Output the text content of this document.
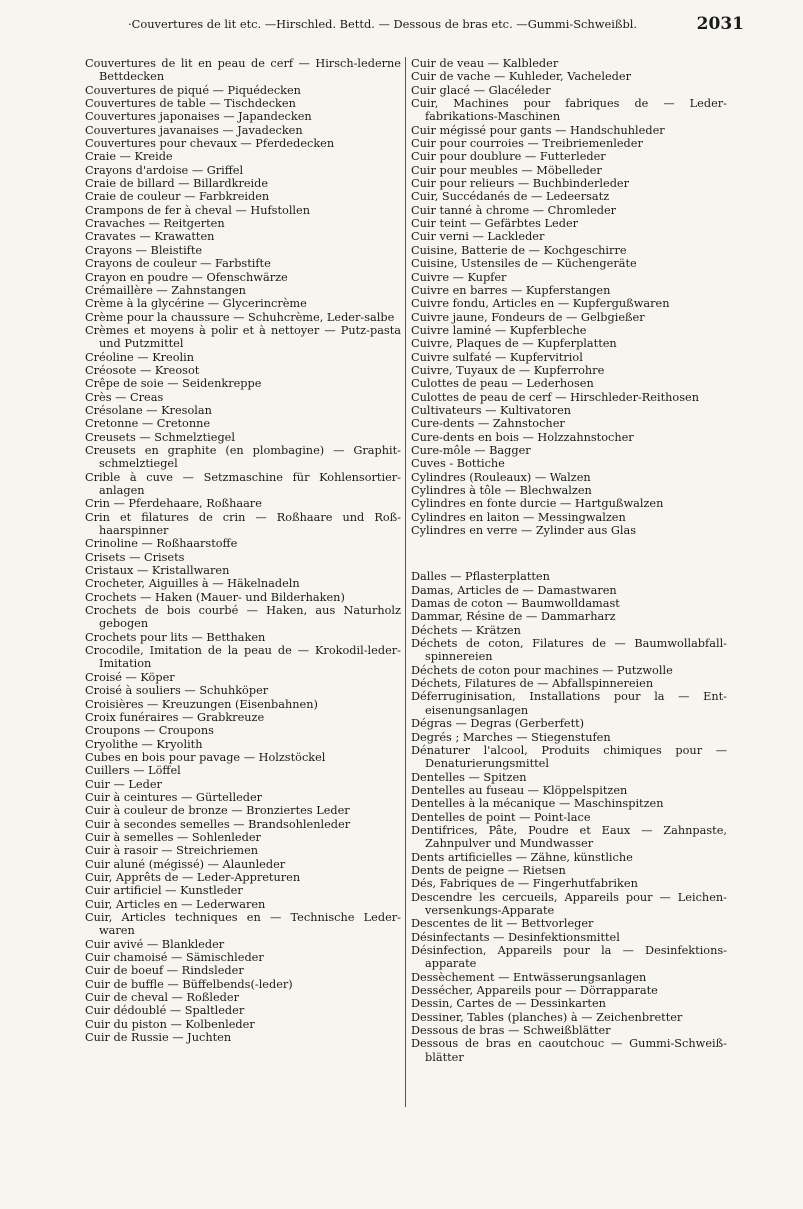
·Couvertures de lit etc. —Hirschled. Bettd. — Dessous de bras etc. —Gummi-Schweißbl.	2031

Couvertures de lit en peau de cerf — Hirsch-lederne Bettdecken

Couvertures de piqué — Piquédecken

Couvertures de table — Tischdecken

Couvertures japonaises — Japandecken

Couvertures javanaises — Javadecken

Couvertures pour chevaux — Pferdedecken

Craie — Kreide

Crayons d'ardoise — Griffel

Craie de billard — Billardkreide

Craie de couleur — Farbkreiden

Crampons de fer à cheval — Hufstollen

Cravaches — Reitgerten

Cravates — Krawatten

Crayons — Bleistifte

Crayons de couleur — Farbstifte

Crayon en poudre — Ofenschwärze

Crémaillère — Zahnstangen

Crème à la glycérine — Glycerincrème

Crème pour la chaussure — Schuhcrème, Leder-salbe

Crèmes et moyens à polir et à nettoyer — Putz-pasta und Putzmittel

Créoline — Kreolin

Créosote — Kreosot

Crêpe de soie — Seidenkreppe

Crès — Creas

Crésolane — Kresolan

Cretonne — Cretonne

Creusets — Schmelztiegel

Creusets en graphite (en plombagine) — Graphit-schmelztiegel

Crible à cuve — Setzmaschine für Kohlensortier-anlagen

Crin — Pferdehaare, Roßhaare

Crin et filatures de crin — Roßhaare und Roß-haarspinner

Crinoline — Roßhaarstoffe

Crisets — Crisets

Cristaux — Kristallwaren

Crocheter, Aiguilles à — Häkelnadeln

Crochets — Haken (Mauer- und Bilderhaken)

Crochets de bois courbé — Haken, aus Naturholz gebogen

Crochets pour lits — Betthaken

Crocodile, Imitation de la peau de — Krokodil-leder-Imitation

Croisé — Köper

Croisé à souliers — Schuhköper

Croisières — Kreuzungen (Eisenbahnen)

Croix funéraires — Grabkreuze

Croupons — Croupons

Cryolithe — Kryolith

Cubes en bois pour pavage — Holzstöckel

Cuillers — Löffel

Cuir — Leder

Cuir à ceintures — Gürtelleder

Cuir à couleur de bronze — Bronziertes Leder

Cuir à secondes semelles — Brandsohlenleder

Cuir à semelles — Sohlenleder

Cuir à rasoir — Streichriemen

Cuir aluné (mégissé) — Alaunleder

Cuir, Apprêts de — Leder-Appreturen

Cuir artificiel — Kunstleder

Cuir, Articles en — Lederwaren

Cuir, Articles techniques en — Technische Leder-waren

Cuir avivé — Blankleder

Cuir chamoisé — Sämischleder

Cuir de boeuf — Rindsleder

Cuir de buffle — Büffelbends(-leder)

Cuir de cheval — Roßleder

Cuir dédoublé — Spaltleder

Cuir du piston — Kolbenleder

Cuir de Russie — Juchten

Cuir de veau — Kalbleder

Cuir de vache — Kuhleder, Vacheleder

Cuir glacé — Glacéleder

Cuir, Machines pour fabriques de — Leder-fabrikations-Maschinen

Cuir mégissé pour gants — Handschuhleder

Cuir pour courroies — Treibriemenleder

Cuir pour doublure — Futterleder

Cuir pour meubles — Möbelleder

Cuir pour relieurs — Buchbinderleder

Cuir, Succédanés de — Ledeersatz

Cuir tanné à chrome — Chromleder

Cuir teint — Gefärbtes Leder

Cuir verni — Lackleder

Cuisine, Batterie de — Kochgeschirre

Cuisine, Ustensiles de — Küchengeräte

Cuivre — Kupfer

Cuivre en barres — Kupferstangen

Cuivre fondu, Articles en — Kupfergußwaren

Cuivre jaune, Fondeurs de — Gelbgießer

Cuivre laminé — Kupferbleche

Cuivre, Plaques de — Kupferplatten

Cuivre sulfaté — Kupfervitriol

Cuivre, Tuyaux de — Kupferrohre

Culottes de peau — Lederhosen

Culottes de peau de cerf — Hirschleder-Reithosen

Cultivateurs — Kultivatoren

Cure-dents — Zahnstocher

Cure-dents en bois — Holzzahnstocher

Cure-môle — Bagger

Cuves - Bottiche

Cylindres (Rouleaux) — Walzen

Cylindres à tôle — Blechwalzen

Cylindres en fonte durcie — Hartgußwalzen

Cylindres en laiton — Messingwalzen

Cylindres en verre — Zylinder aus Glas

Dalles — Pflasterplatten

Damas, Articles de — Damastwaren

Damas de coton — Baumwolldamast

Dammar, Résine de — Dammarharz

Déchets — Krätzen

Déchets de coton, Filatures de — Baumwollabfall-spinnereien

Déchets de coton pour machines — Putzwolle

Déchets, Filatures de — Abfallspinnereien

Déferruginisation, Installations pour la — Ent-eisenungsanlagen

Dégras — Degras (Gerberfett)

Degrés ; Marches — Stiegenstufen

Dénaturer l'alcool, Produits chimiques pour — Denaturierungsmittel

Dentelles — Spitzen

Dentelles au fuseau — Klöppelspitzen

Dentelles à la mécanique — Maschinspitzen

Dentelles de point — Point-lace

Dentifrices, Pâte, Poudre et Eaux — Zahnpaste, Zahnpulver und Mundwasser

Dents artificielles — Zähne, künstliche

Dents de peigne — Rietsen

Dés, Fabriques de — Fingerhutfabriken

Descendre les cercueils, Appareils pour — Leichen-versenkungs-Apparate

Descentes de lit — Bettvorleger

Désinfectants — Desinfektionsmittel

Désinfection, Appareils pour la — Desinfektions-apparate

Dessèchement — Entwässerungsanlagen

Dessécher, Appareils pour — Dörrapparate

Dessin, Cartes de — Dessinkarten

Dessiner, Tables (planches) à — Zeichenbretter

Dessous de bras — Schweißblätter

Dessous de bras en caoutchouc — Gummi-Schweiß-blätter
